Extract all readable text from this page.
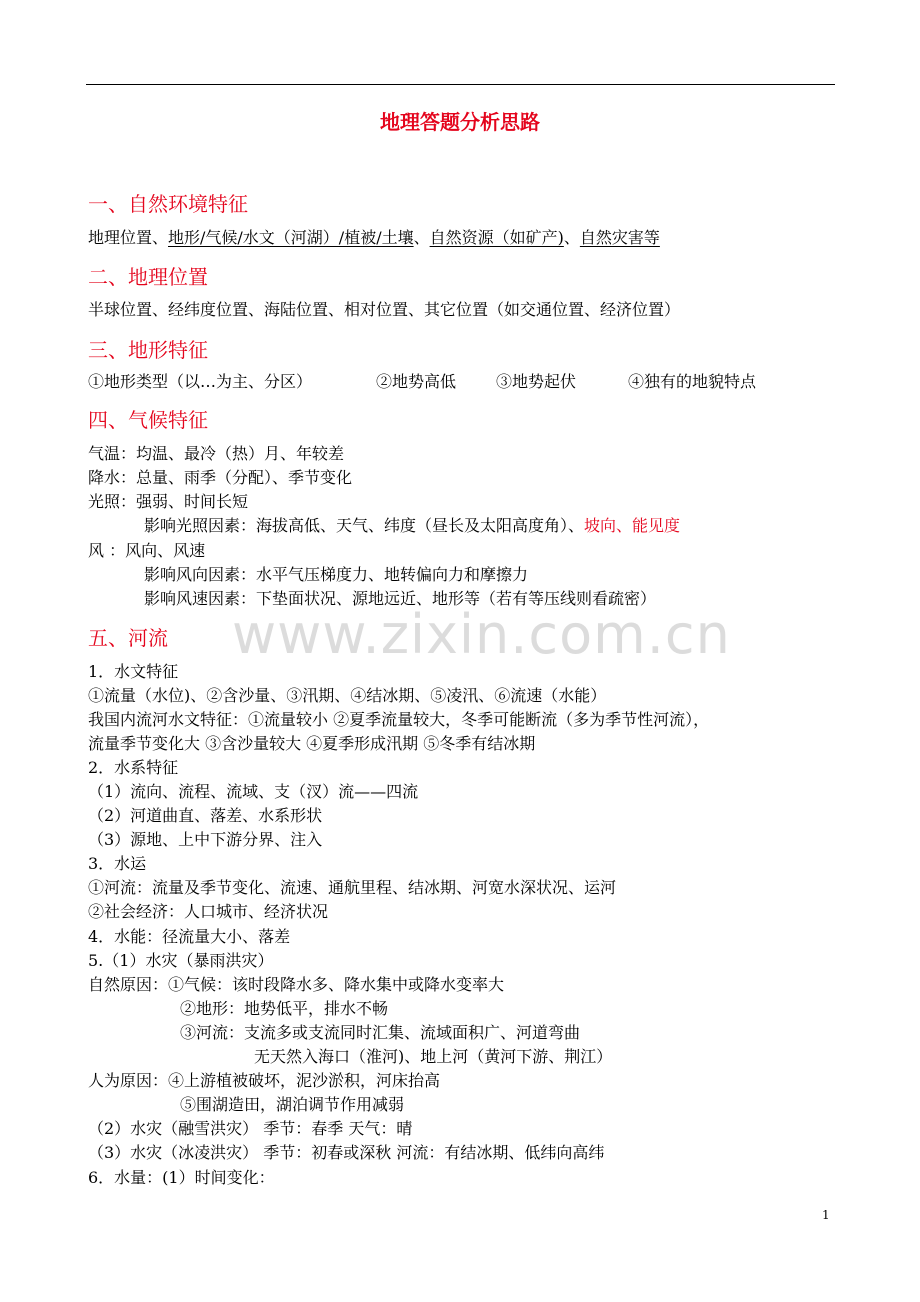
www.zixin.com.cn
地理答题分析思路
一、自然环境特征
地理位置、地形/气候/水文（河湖）/植被/土壤、自然资源（如矿产)、自然灾害等
二、地理位置
半球位置、经纬度位置、海陆位置、相对位置、其它位置（如交通位置、经济位置）
三、地形特征
①地形类型（以…为主、分区）	②地势高低 ③地势起伏	④独有的地貌特点
四、气候特征
气温：均温、最冷（热）月、年较差
降水：总量、雨季（分配）、季节变化
光照：强弱、时间长短
影响光照因素：海拔高低、天气、纬度（昼长及太阳高度角）、坡向、能见度
风 ：风向、风速
影响风向因素：水平气压梯度力、地转偏向力和摩擦力
影响风速因素：下垫面状况、源地远近、地形等（若有等压线则看疏密）
五、河流
1．水文特征
①流量（水位)、②含沙量、③汛期、④结冰期、⑤凌汛、⑥流速（水能）
我国内流河水文特征：①流量较小 ②夏季流量较大，冬季可能断流（多为季节性河流），
流量季节变化大 ③含沙量较大 ④夏季形成汛期 ⑤冬季有结冰期
2．水系特征
（1）流向、流程、流域、支（汊）流——四流
（2）河道曲直、落差、水系形状
（3）源地、上中下游分界、注入
3．水运
①河流：流量及季节变化、流速、通航里程、结冰期、河宽水深状况、运河
②社会经济：人口城市、经济状况
4．水能：径流量大小、落差
5.（1）水灾（暴雨洪灾）
自然原因：①气候：该时段降水多、降水集中或降水变率大
②地形：地势低平，排水不畅
③河流：支流多或支流同时汇集、流域面积广、河道弯曲
无天然入海口（淮河)、地上河（黄河下游、荆江）
人为原因：④上游植被破坏，泥沙淤积，河床抬高
⑤围湖造田，湖泊调节作用减弱
（2）水灾（融雪洪灾） 季节：春季 天气：晴
（3）水灾（冰凌洪灾） 季节：初春或深秋 河流：有结冰期、低纬向高纬
6．水量：(1）时间变化：
1
